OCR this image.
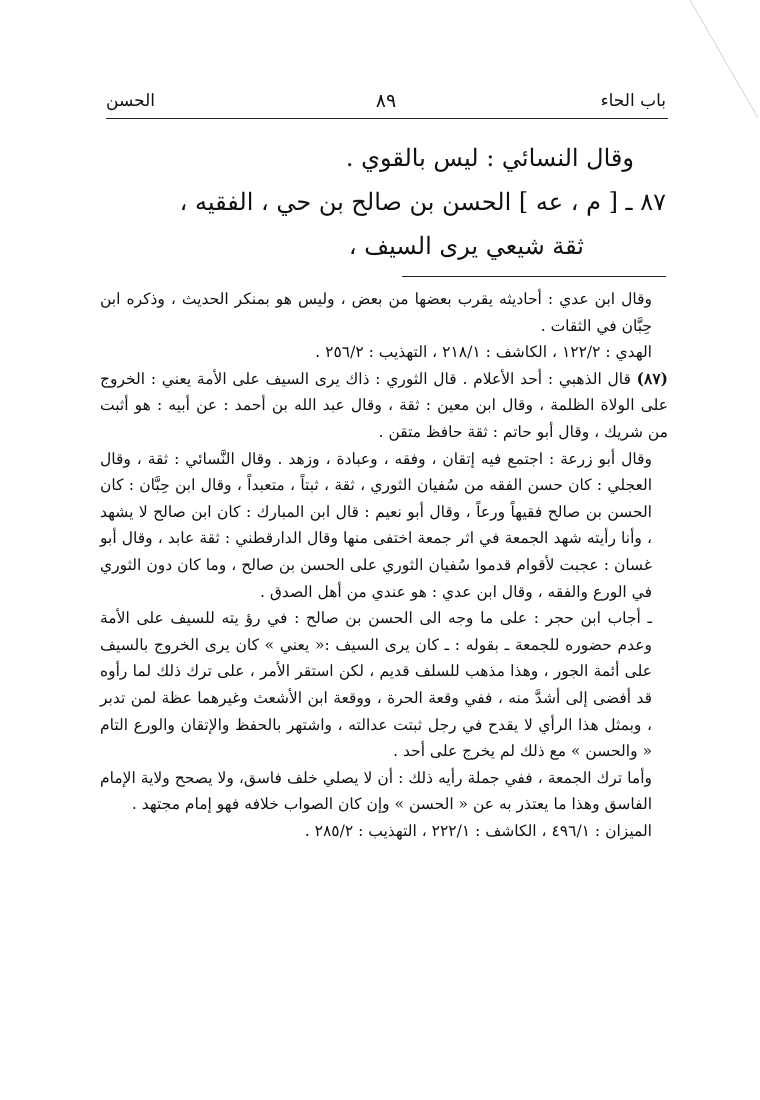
باب الحاء
٨٩
الحسن

وقال النسائي : ليس بالقوي .

٨٧ ـ [ م ، عه ] الحسن بن صالح بن حي ، الفقيه ،

ثقة شيعي يرى السيف ،

وقال ابن عدي : أحاديثه يقرب بعضها من بعض ، وليس هو بمنكر الحديث ، وذكره ابن حِبَّان في الثقات .

الهدي : ١٢٢/٢ ، الكاشف : ٢١٨/١ ، التهذيب : ٢٥٦/٢ .

(٨٧) قال الذهبي : أحد الأعلام . قال الثوري : ذاك يرى السيف على الأمة يعني : الخروج على الولاة الظلمة ، وقال ابن معين : ثقة ، وقال عبد الله بن أحمد : عن أبيه : هو أثبت من شريك ، وقال أبو حاتم : ثقة حافظ متقن .

وقال أبو زرعة : اجتمع فيه إتقان ، وفقه ، وعبادة ، وزهد . وقال النَّسائي : ثقة ، وقال العجلي : كان حسن الفقه من سُفيان الثوري ، ثقة ، ثبتاً ، متعبداً ، وقال ابن حِبَّان : كان الحسن بن صالح فقيهاً ورعاً ، وقال أبو نعيم : قال ابن المبارك : كان ابن صالح لا يشهد ، وأنا رأيته شهد الجمعة في اثر جمعة اختفى منها وقال الدارقطني : ثقة عابد ، وقال أبو غسان : عجبت لأقوام قدموا سُفيان الثوري على الحسن بن صالح ، وما كان دون الثوري في الورع والفقه ، وقال ابن عدي : هو عندي من أهل الصدق .

ـ أجاب ابن حجر : على ما وجه الى الحسن بن صالح : في رؤ يته للسيف على الأمة وعدم حضوره للجمعة ـ بقوله : ـ كان يرى السيف :« يعني » كان يرى الخروج بالسيف على أئمة الجور ، وهذا مذهب للسلف قديم ، لكن استقر الأمر ، على ترك ذلك لما رأوه قد أفضى إلى أشدَّ منه ، ففي وقعة الحرة ، ووقعة ابن الأشعث وغيرهما عظة لمن تدبر ، وبمثل هذا الرأي لا يقدح في رجل ثبتت عدالته ، واشتهر بالحفظ والإتقان والورع التام « والحسن » مع ذلك لم يخرج على أحد .

وأما ترك الجمعة ، ففي جملة رأيه ذلك : أن لا يصلي خلف فاسق، ولا يصحح ولاية الإمام الفاسق وهذا ما يعتذر به عن « الحسن » وإن كان الصواب خلافه فهو إمام مجتهد .

الميزان : ٤٩٦/١ ، الكاشف : ٢٢٢/١ ، التهذيب : ٢٨٥/٢ .
